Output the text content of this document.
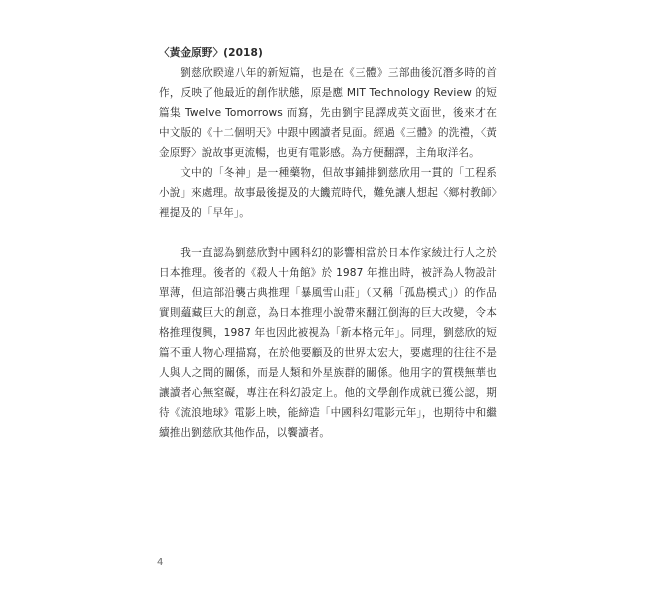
〈黃金原野〉(2018)

劉慈欣睽違八年的新短篇，也是在《三體》三部曲後沉潛多時的首作，反映了他最近的創作狀態，原是應 MIT Technology Review 的短篇集 Twelve Tomorrows 而寫，先由劉宇昆譯成英文面世，後來才在中文版的《十二個明天》中跟中國讀者見面。經過《三體》的洗禮，〈黃金原野〉說故事更流暢，也更有電影感。為方便翻譯，主角取洋名。

文中的「冬神」是一種藥物，但故事鋪排劉慈欣用一貫的「工程系小說」來處理。故事最後提及的大饑荒時代，難免讓人想起〈鄉村教師〉裡提及的「早年」。

我一直認為劉慈欣對中國科幻的影響相當於日本作家綾辻行人之於日本推理。後者的《殺人十角館》於 1987 年推出時，被評為人物設計單薄，但這部沿襲古典推理「暴風雪山莊」（又稱「孤島模式」）的作品實則蘊藏巨大的創意，為日本推理小說帶來翻江倒海的巨大改變，令本格推理復興，1987 年也因此被視為「新本格元年」。同理，劉慈欣的短篇不重人物心理描寫，在於他要顧及的世界太宏大，要處理的往往不是人與人之間的關係，而是人類和外星族群的關係。他用字的質樸無華也讓讀者心無窒礙，專注在科幻設定上。他的文學創作成就已獲公認，期待《流浪地球》電影上映，能締造「中國科幻電影元年」，也期待中和繼續推出劉慈欣其他作品，以饗讀者。

4
